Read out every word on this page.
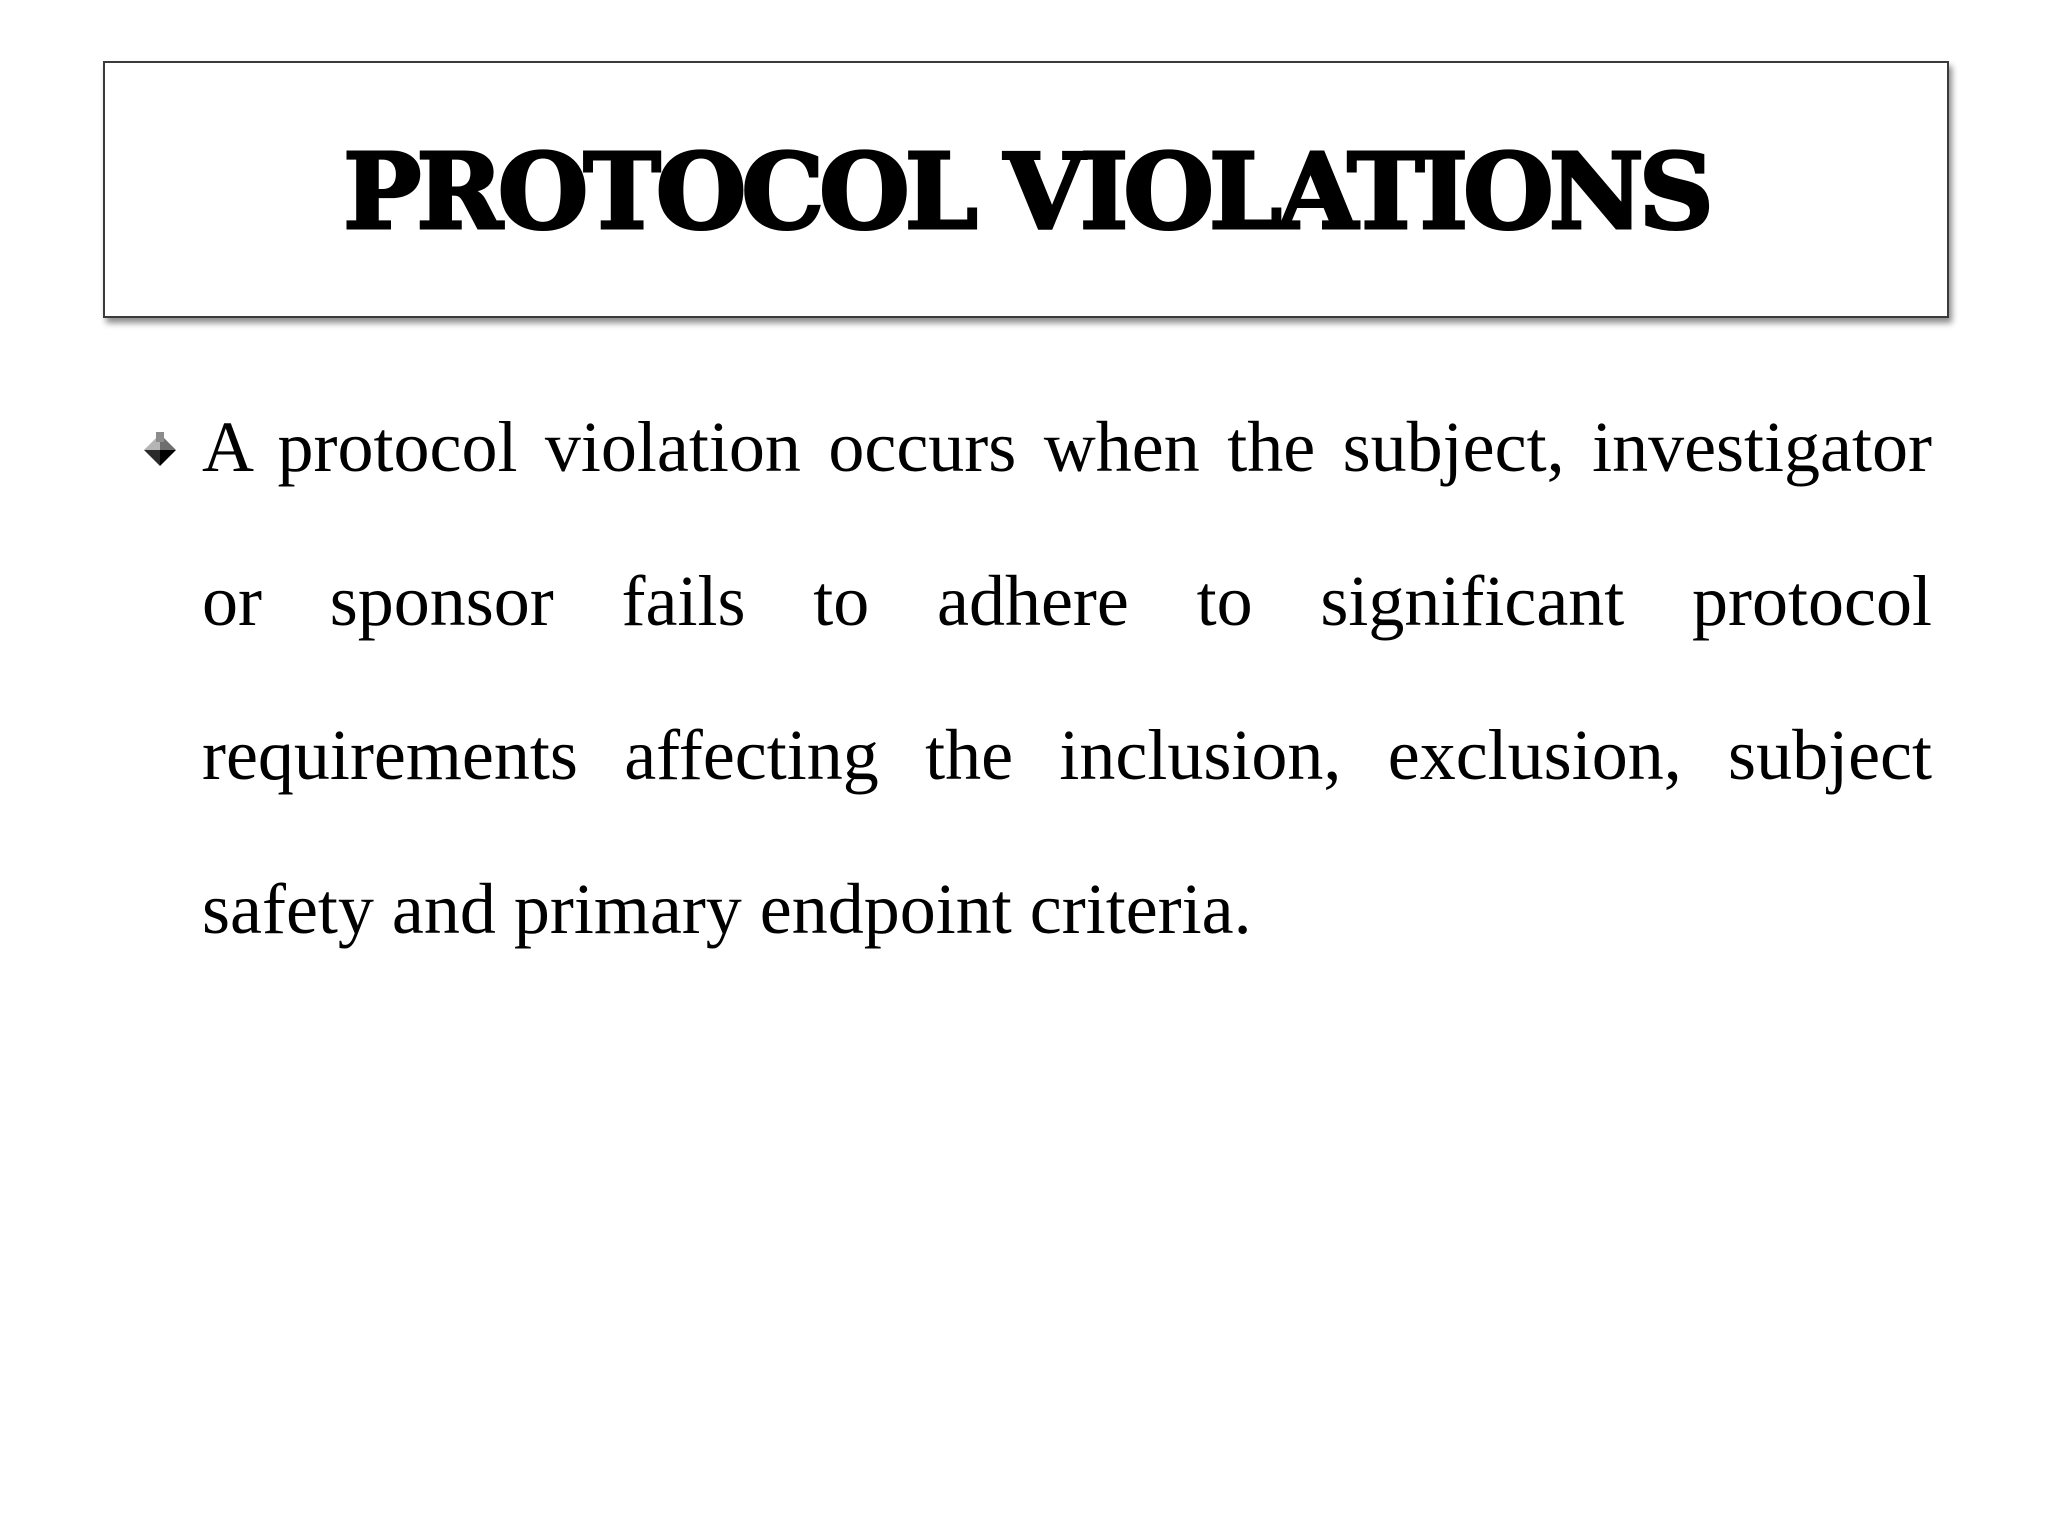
PROTOCOL VIOLATIONS
A protocol violation occurs when the subject, investigator or sponsor fails to adhere to significant protocol requirements affecting the inclusion, exclusion, subject safety and primary endpoint criteria.
